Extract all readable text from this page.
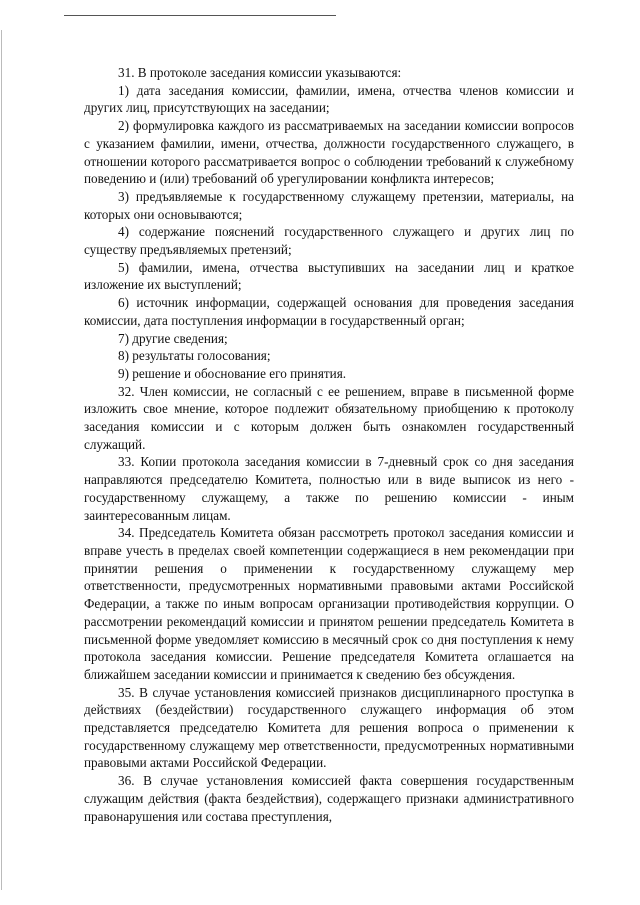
31. В протоколе заседания комиссии указываются:

1) дата заседания комиссии, фамилии, имена, отчества членов комиссии и других лиц, присутствующих на заседании;

2) формулировка каждого из рассматриваемых на заседании комиссии вопросов с указанием фамилии, имени, отчества, должности государственного служащего, в отношении которого рассматривается вопрос о соблюдении требований к служебному поведению и (или) требований об урегулировании конфликта интересов;

3) предъявляемые к государственному служащему претензии, материалы, на которых они основываются;

4) содержание пояснений государственного служащего и других лиц по существу предъявляемых претензий;

5) фамилии, имена, отчества выступивших на заседании лиц и краткое изложение их выступлений;

6) источник информации, содержащей основания для проведения заседания комиссии, дата поступления информации в государственный орган;

7) другие сведения;

8) результаты голосования;

9) решение и обоснование его принятия.

32. Член комиссии, не согласный с ее решением, вправе в письменной форме изложить свое мнение, которое подлежит обязательному приобщению к протоколу заседания комиссии и с которым должен быть ознакомлен государственный служащий.

33. Копии протокола заседания комиссии в 7-дневный срок со дня заседания направляются председателю Комитета, полностью или в виде выписок из него - государственному служащему, а также по решению комиссии - иным заинтересованным лицам.

34. Председатель Комитета обязан рассмотреть протокол заседания комиссии и вправе учесть в пределах своей компетенции содержащиеся в нем рекомендации при принятии решения о применении к государственному служащему мер ответственности, предусмотренных нормативными правовыми актами Российской Федерации, а также по иным вопросам организации противодействия коррупции. О рассмотрении рекомендаций комиссии и принятом решении председатель Комитета в письменной форме уведомляет комиссию в месячный срок со дня поступления к нему протокола заседания комиссии. Решение председателя Комитета оглашается на ближайшем заседании комиссии и принимается к сведению без обсуждения.

35. В случае установления комиссией признаков дисциплинарного проступка в действиях (бездействии) государственного служащего информация об этом представляется председателю Комитета для решения вопроса о применении к государственному служащему мер ответственности, предусмотренных нормативными правовыми актами Российской Федерации.

36. В случае установления комиссией факта совершения государственным служащим действия (факта бездействия), содержащего признаки административного правонарушения или состава преступления,
